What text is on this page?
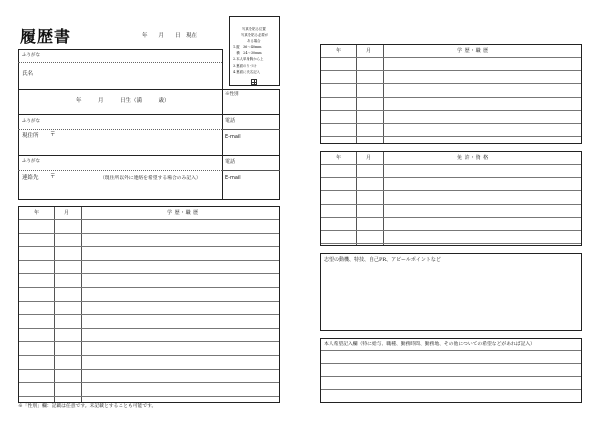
履歴書	年　　月　　日　現在
写真を貼る位置
写真を貼る必要が
ある場合
1.縦　36～40mm
　横　24～30mm
2.本人単身胸から上
3.裏面のりづけ
4.裏面に氏名記入
ふりがな
氏名
年　　　月　　　日生（満　　　歳）
※性別
ふりがな
現住所 〒
電話
E-mail
ふりがな
連絡先 〒	（現住所以外に連絡を希望する場合のみ記入）
電話
E-mail
年	月	学 歴・職 歴
※「性別」欄：記載は任意です。未記載とすることも可能です。
年	月	学 歴・職 歴
年	月	免 許・資 格
志望の動機、特技、自己PR、アピールポイントなど
本人希望記入欄（特に給与、職種、勤務時間、勤務地、その他についての希望などがあれば記入）
